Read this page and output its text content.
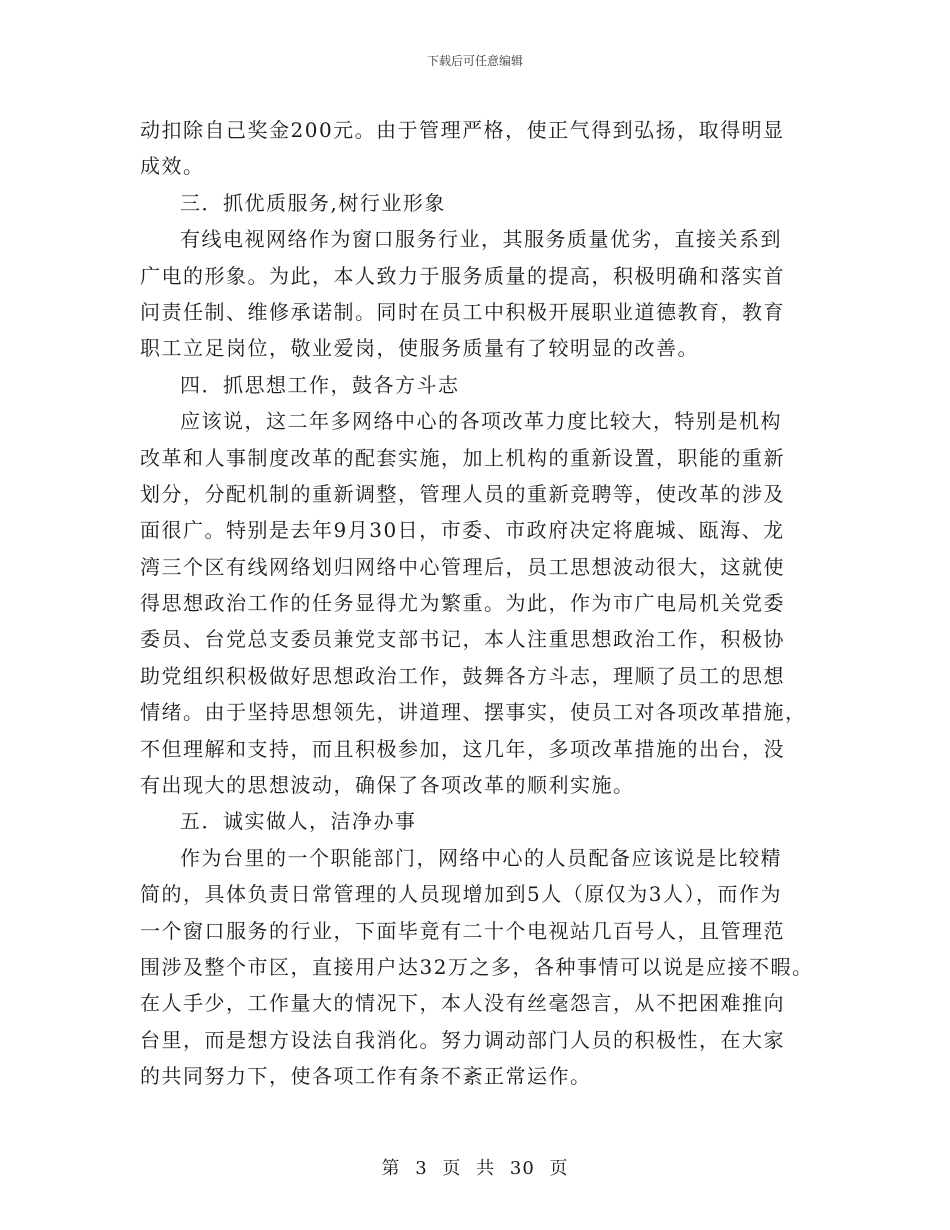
下载后可任意编辑
动扣除自己奖金200元。由于管理严格，使正气得到弘扬，取得明显
成效。
三．抓优质服务,树行业形象
有线电视网络作为窗口服务行业，其服务质量优劣，直接关系到
广电的形象。为此，本人致力于服务质量的提高，积极明确和落实首
问责任制、维修承诺制。同时在员工中积极开展职业道德教育，教育
职工立足岗位，敬业爱岗，使服务质量有了较明显的改善。
四．抓思想工作，鼓各方斗志
应该说，这二年多网络中心的各项改革力度比较大，特别是机构
改革和人事制度改革的配套实施，加上机构的重新设置，职能的重新
划分，分配机制的重新调整，管理人员的重新竞聘等，使改革的涉及
面很广。特别是去年9月30日，市委、市政府决定将鹿城、瓯海、龙
湾三个区有线网络划归网络中心管理后，员工思想波动很大，这就使
得思想政治工作的任务显得尤为繁重。为此，作为市广电局机关党委
委员、台党总支委员兼党支部书记，本人注重思想政治工作，积极协
助党组织积极做好思想政治工作，鼓舞各方斗志，理顺了员工的思想
情绪。由于坚持思想领先，讲道理、摆事实，使员工对各项改革措施，
不但理解和支持，而且积极参加，这几年，多项改革措施的出台，没
有出现大的思想波动，确保了各项改革的顺利实施。
五．诚实做人，洁净办事
作为台里的一个职能部门，网络中心的人员配备应该说是比较精
简的，具体负责日常管理的人员现增加到5人（原仅为3人），而作为
一个窗口服务的行业，下面毕竟有二十个电视站几百号人，且管理范
围涉及整个市区，直接用户达32万之多，各种事情可以说是应接不暇。
在人手少，工作量大的情况下，本人没有丝毫怨言，从不把困难推向
台里，而是想方设法自我消化。努力调动部门人员的积极性，在大家
的共同努力下，使各项工作有条不紊正常运作。
第 3 页 共 30 页
